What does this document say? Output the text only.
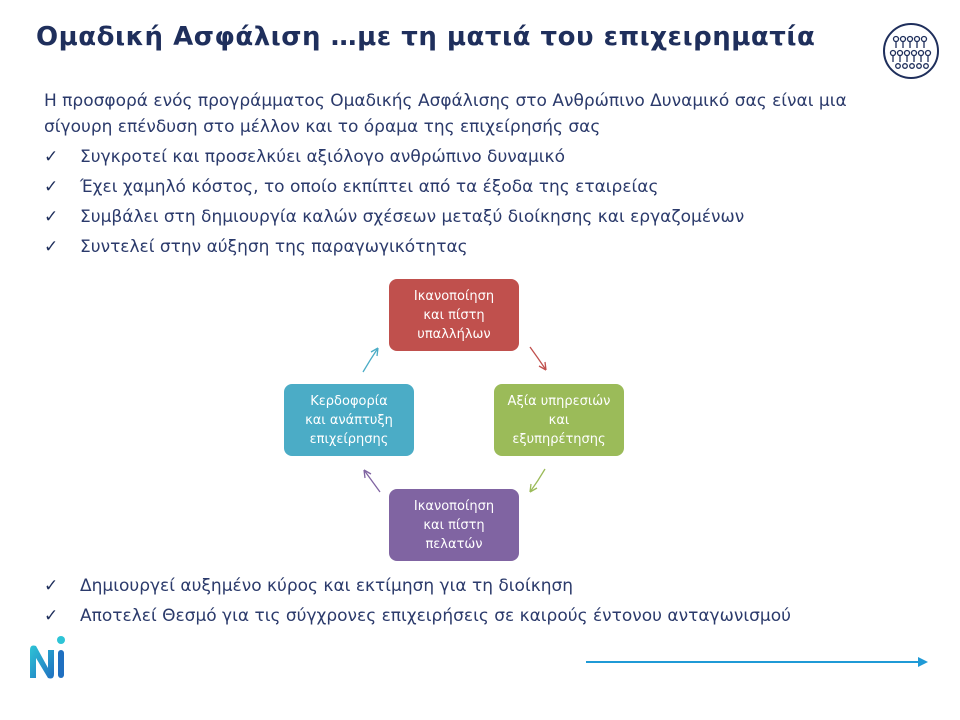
Ομαδική Ασφάλιση …με τη ματιά του επιχειρηματία
Η προσφορά ενός προγράμματος Ομαδικής Ασφάλισης στο Ανθρώπινο Δυναμικό σας είναι μια
σίγουρη επένδυση στο μέλλον και το όραμα της επιχείρησής σας
✓ Συγκροτεί και προσελκύει αξιόλογο ανθρώπινο δυναμικό
✓ Έχει χαμηλό κόστος, το οποίο εκπίπτει από τα έξοδα της εταιρείας
✓ Συμβάλει στη δημιουργία καλών σχέσεων μεταξύ διοίκησης και εργαζομένων
✓ Συντελεί στην αύξηση της παραγωγικότητας
Ικανοποίηση
και πίστη
υπαλλήλων
Αξία υπηρεσιών
και
εξυπηρέτησης
Ικανοποίηση
και πίστη
πελατών
Κερδοφορία
και ανάπτυξη
επιχείρησης
✓ Δημιουργεί αυξημένο κύρος και εκτίμηση για τη διοίκηση
✓ Αποτελεί Θεσμό για τις σύγχρονες επιχειρήσεις σε καιρούς έντονου ανταγωνισμού
